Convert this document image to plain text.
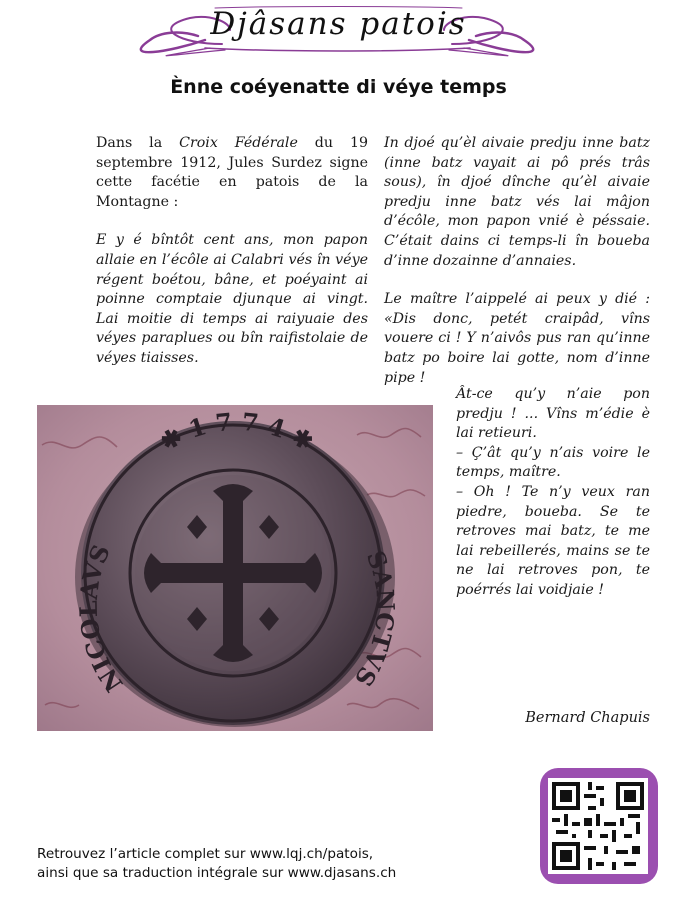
Djâsans patois
Ènne coéyenatte di véye temps

Dans la Croix Fédérale du 19 septembre 1912, Jules Surdez signe cette facétie en patois de la Montagne :

E y é bîntôt cent ans, mon papon allaie en l’écôle ai Calabri vés în véye régent boétou, bâne, et poéyaint ai poinne comptaie djunque ai vingt. Lai moitie di temps ai raiyuaie des véyes paraplues ou bîn raifistolaie de véyes tiaisses.

In djoé qu’èl aivaie predju inne batz (inne batz vayait ai pô prés trâs sous), în djoé dînche qu’èl aivaie predju inne batz vés lai mâjon d’écôle, mon papon vnié è péssaie. C’était dains ci temps-li în boueba d’inne dozainne d’annaies.

Le maître l’aippelé ai peux y dié : «Dis donc, petét craipâd, vîns vouere ci ! Y n’aivôs pus ran qu’inne batz po boire lai gotte, nom d’inne pipe !

Ât-ce qu’y n’aie pon predju ! ... Vîns m’édie è lai retieuri.

– Ç’ât qu’y n’ais voire le temps, maître.

– Oh ! Te n’y veux ran piedre, boueba. Se te retroves mai batz, te me lai rebeillerés, mains se te ne lai retroves pon, te poérrés lai voidjaie !

Bernard Chapuis
✱ 1 7 7 4 ✱
NICOLAVS	SANCTVS

Retrouvez l’article complet sur www.lqj.ch/patois,

ainsi que sa traduction intégrale sur www.djasans.ch
